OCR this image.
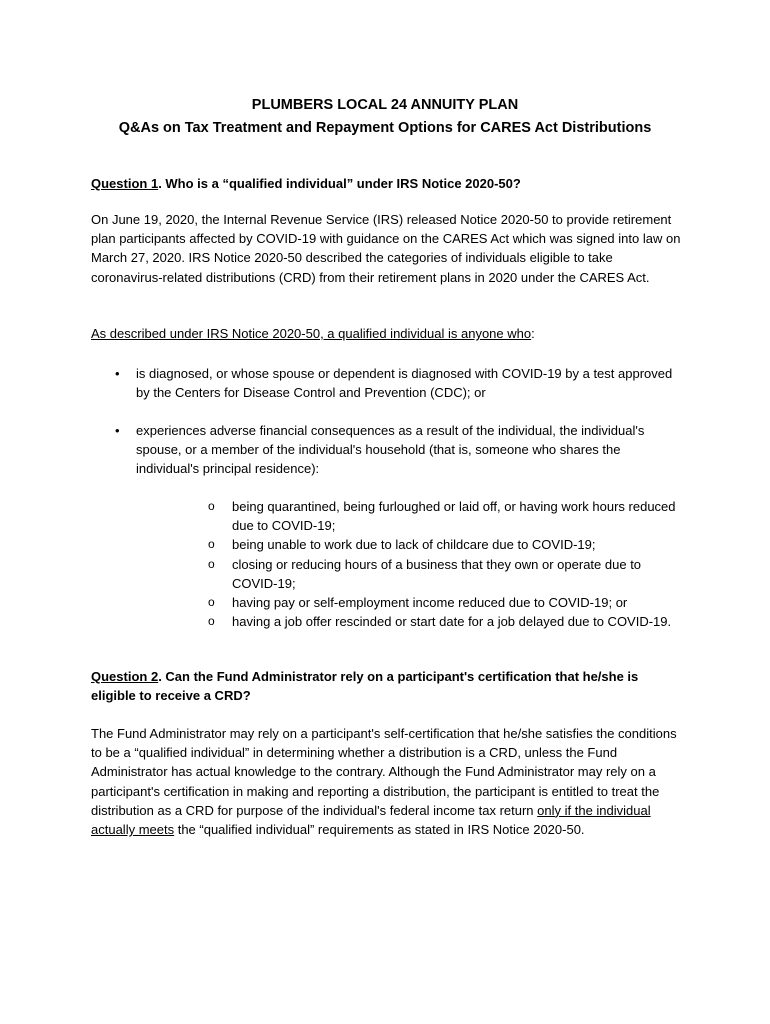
PLUMBERS LOCAL 24 ANNUITY PLAN
Q&As on Tax Treatment and Repayment Options for CARES Act Distributions
Question 1. Who is a “qualified individual” under IRS Notice 2020-50?
On June 19, 2020, the Internal Revenue Service (IRS) released Notice 2020-50 to provide retirement plan participants affected by COVID-19 with guidance on the CARES Act which was signed into law on March 27, 2020. IRS Notice 2020-50 described the categories of individuals eligible to take coronavirus-related distributions (CRD) from their retirement plans in 2020 under the CARES Act.
As described under IRS Notice 2020-50, a qualified individual is anyone who:
• is diagnosed, or whose spouse or dependent is diagnosed with COVID-19 by a test approved by the Centers for Disease Control and Prevention (CDC); or
• experiences adverse financial consequences as a result of the individual, the individual's spouse, or a member of the individual's household (that is, someone who shares the individual's principal residence):
o being quarantined, being furloughed or laid off, or having work hours reduced due to COVID-19;
o being unable to work due to lack of childcare due to COVID-19;
o closing or reducing hours of a business that they own or operate due to COVID-19;
o having pay or self-employment income reduced due to COVID-19; or
o having a job offer rescinded or start date for a job delayed due to COVID-19.
Question 2. Can the Fund Administrator rely on a participant's certification that he/she is eligible to receive a CRD?
The Fund Administrator may rely on a participant's self-certification that he/she satisfies the conditions to be a “qualified individual” in determining whether a distribution is a CRD, unless the Fund Administrator has actual knowledge to the contrary. Although the Fund Administrator may rely on a participant's certification in making and reporting a distribution, the participant is entitled to treat the distribution as a CRD for purpose of the individual's federal income tax return only if the individual actually meets the “qualified individual” requirements as stated in IRS Notice 2020-50.
